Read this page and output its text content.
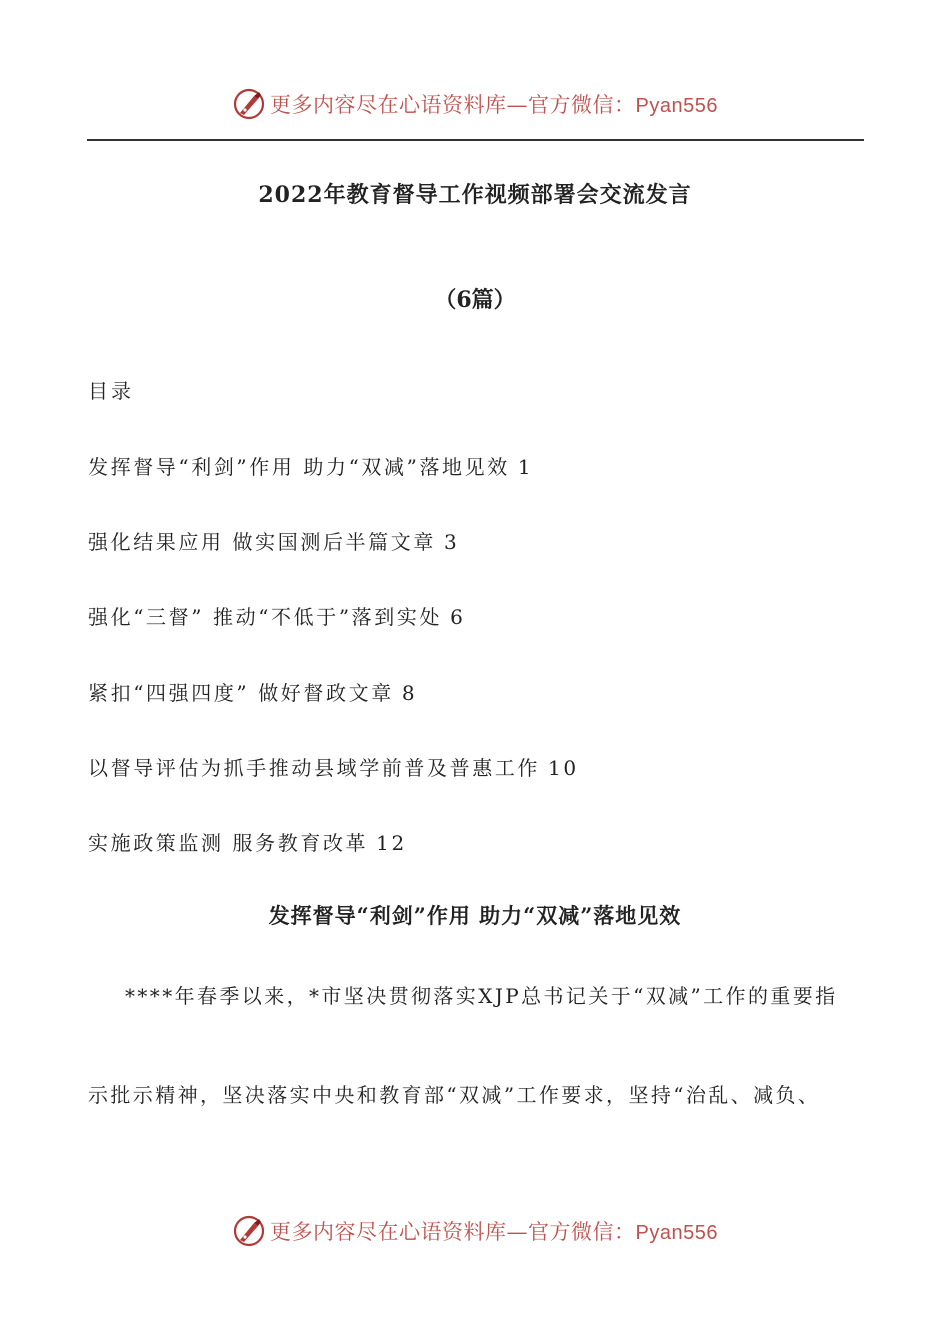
更多内容尽在心语资料库—官方微信：Pyan556
2022年教育督导工作视频部署会交流发言
（6篇）
目录
发挥督导“利剑”作用 助力“双减”落地见效 1
强化结果应用 做实国测后半篇文章 3
强化“三督” 推动“不低于”落到实处 6
紧扣“四强四度” 做好督政文章 8
以督导评估为抓手推动县域学前普及普惠工作 10
实施政策监测 服务教育改革 12
发挥督导“利剑”作用 助力“双减”落地见效
****年春季以来，*市坚决贯彻落实XJP总书记关于“双减”工作的重要指
示批示精神，坚决落实中央和教育部“双减”工作要求，坚持“治乱、减负、
更多内容尽在心语资料库—官方微信：Pyan556
